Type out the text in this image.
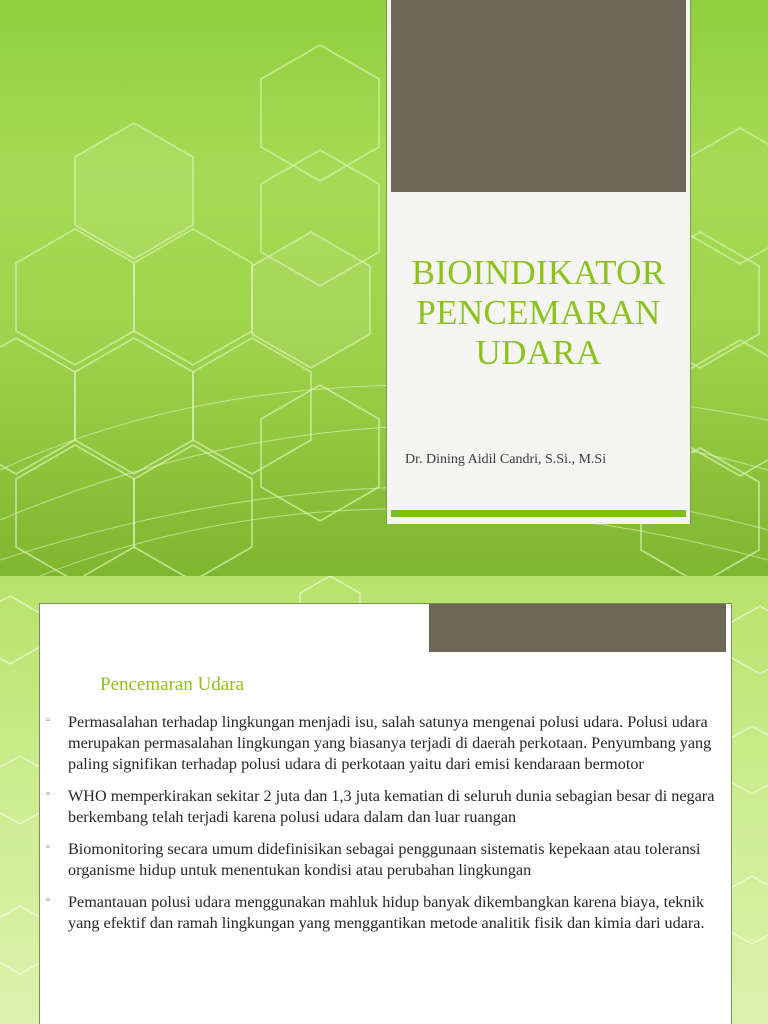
BIOINDIKATOR
PENCEMARAN
UDARA
Dr. Dining Aidil Candri, S.Si., M.Si
Pencemaran Udara
▫ Permasalahan terhadap lingkungan menjadi isu, salah satunya mengenai polusi udara. Polusi udara merupakan permasalahan lingkungan yang biasanya terjadi di daerah perkotaan. Penyumbang yang paling signifikan terhadap polusi udara di perkotaan yaitu dari emisi kendaraan bermotor
▫ WHO memperkirakan sekitar 2 juta dan 1,3 juta kematian di seluruh dunia sebagian besar di negara berkembang telah terjadi karena polusi udara dalam dan luar ruangan
▫ Biomonitoring secara umum didefinisikan sebagai penggunaan sistematis kepekaan atau toleransi organisme hidup untuk menentukan kondisi atau perubahan lingkungan
▫ Pemantauan polusi udara menggunakan mahluk hidup banyak dikembangkan karena biaya, teknik yang efektif dan ramah lingkungan yang menggantikan metode analitik fisik dan kimia dari udara.
